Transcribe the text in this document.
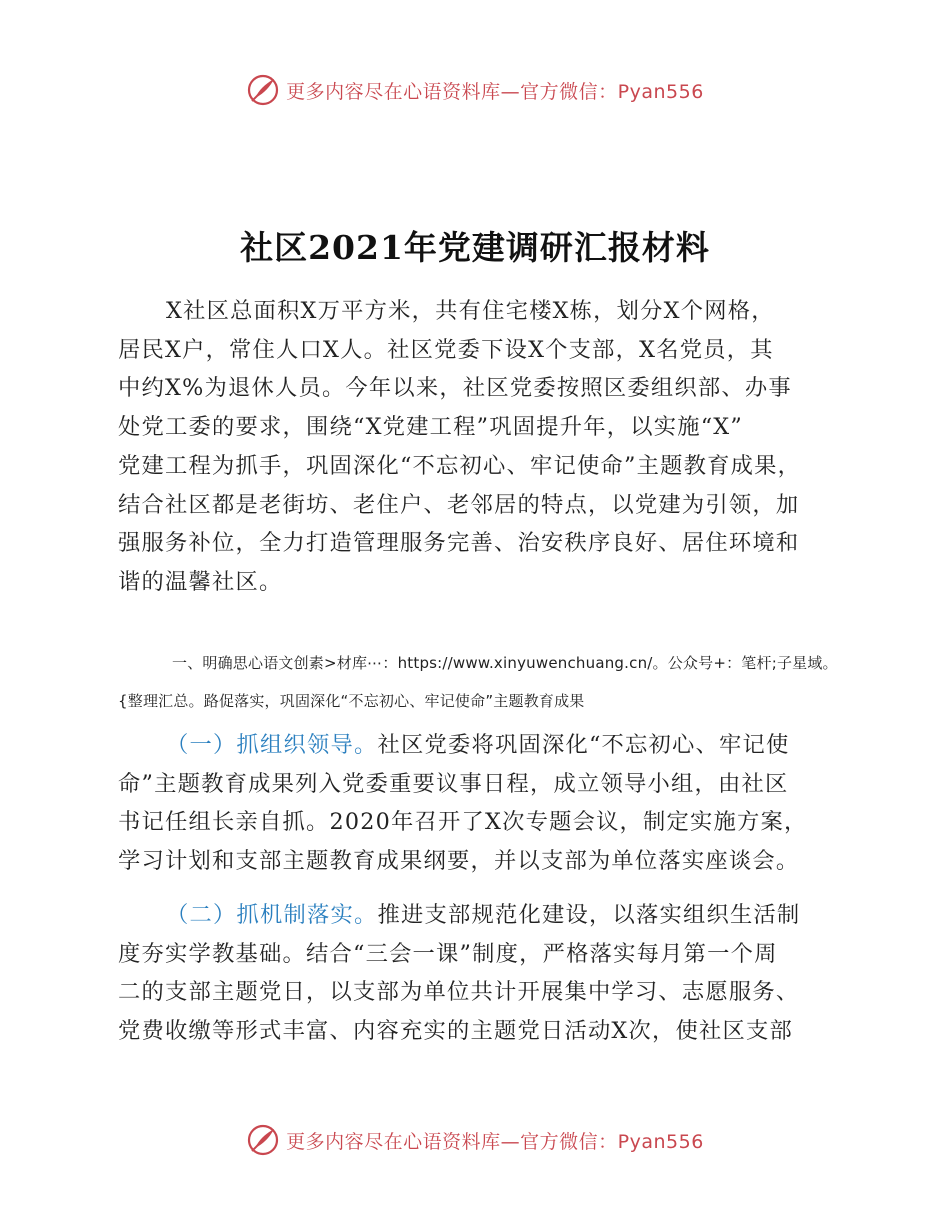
更多内容尽在心语资料库—官方微信：Pyan556
社区2021年党建调研汇报材料
X社区总面积X万平方米，共有住宅楼X栋，划分X个网格，
居民X户，常住人口X人。社区党委下设X个支部，X名党员，其
中约X%为退休人员。今年以来，社区党委按照区委组织部、办事
处党工委的要求，围绕“X党建工程”巩固提升年，以实施“X”
党建工程为抓手，巩固深化“不忘初心、牢记使命”主题教育成果，
结合社区都是老街坊、老住户、老邻居的特点，以党建为引领，加
强服务补位，全力打造管理服务完善、治安秩序良好、居住环境和
谐的温馨社区。
一、明确思心语文创素>材库⋯：https://www.xinyuwenchuang.cn/。公众号+：笔杆;子星域。
{整理汇总。路促落实，巩固深化“不忘初心、牢记使命”主题教育成果
（一）抓组织领导。社区党委将巩固深化“不忘初心、牢记使
命”主题教育成果列入党委重要议事日程，成立领导小组，由社区
书记任组长亲自抓。2020年召开了X次专题会议，制定实施方案，
学习计划和支部主题教育成果纲要，并以支部为单位落实座谈会。
（二）抓机制落实。推进支部规范化建设，以落实组织生活制
度夯实学教基础。结合“三会一课”制度，严格落实每月第一个周
二的支部主题党日，以支部为单位共计开展集中学习、志愿服务、
党费收缴等形式丰富、内容充实的主题党日活动X次，使社区支部
更多内容尽在心语资料库—官方微信：Pyan556
